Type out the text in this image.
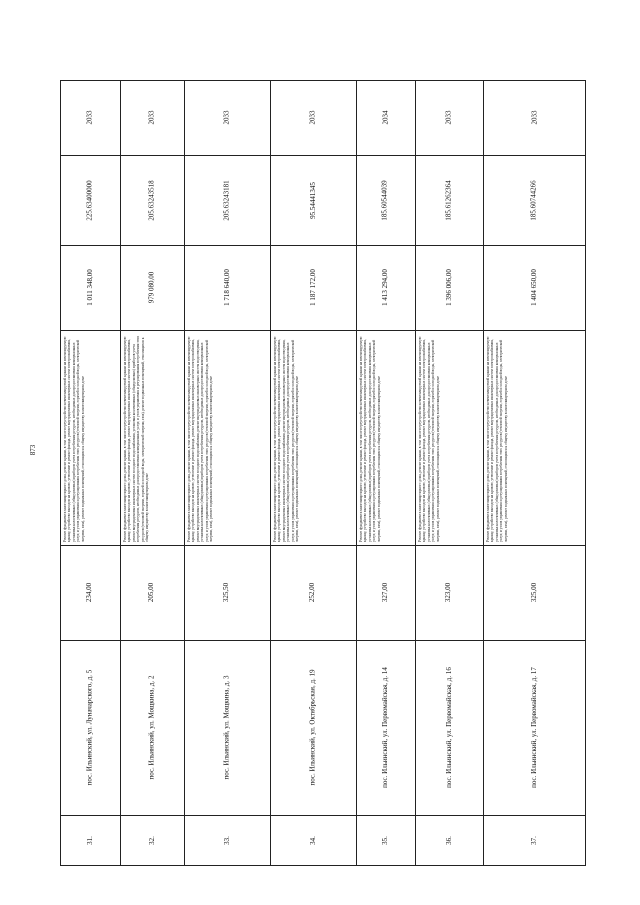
873
2033
225.63400000
1 011 348,00
Ремонт фундамента многоквартирного дома, ремонт крыши, в том числе переустройство невентилируемой крыши на вентилируемую крышу, устройство выходов на кровлю, утепление и ремонт фасада, ремонт внутридомовых инженерных систем электроснабжения, установка коллективных (общедомовых) приборов учета потребления ресурсов, необходимых для предоставления коммунальных услуг, и узлов управления и регулирования потребления этих ресурсов (тепловой энергии, горячей и холодной воды, электрической энергии, газа), ремонт подвальных помещений, относящихся к общему имуществу в многоквартирном доме
234,00
пос. Ильинский, ул. Луначарского, д. 5
31.
2033
205.63243518
979 080,00
Ремонт фундамента многоквартирного дома, ремонт крыши, в том числе переустройство невентилируемой крыши на вентилируемую крышу, устройство выходов на кровлю, утепление и ремонт фасада, ремонт внутридомовых инженерных систем электроснабжения, ремонт внутридомовых инженерных систем холодного водоснабжения, установка коллективных (общедомовых) приборов учета потребления ресурсов, необходимых для предоставления коммунальных услуг, и узлов управления и регулирования потребления этих ресурсов (тепловой энергии, горячей и холодной воды, электрической энергии, газа), ремонт подвальных помещений, относящихся к общему имуществу в многоквартирном доме
205,00
пос. Ильинский, ул. Мощкина, д. 2
32.
2033
205.63243181
1 718 640,00
Ремонт фундамента многоквартирного дома, ремонт крыши, в том числе переустройство невентилируемой крыши на вентилируемую крышу, устройство выходов на кровлю, утепление и ремонт фасада, ремонт внутридомовых инженерных систем электроснабжения, ремонт внутридомовых инженерных систем холодного водоснабжения, ремонт внутридомовых инженерных систем водоотведения, установка коллективных (общедомовых) приборов учета потребления ресурсов, необходимых для предоставления коммунальных услуг, и узлов управления и регулирования потребления этих ресурсов (тепловой энергии, горячей и холодной воды, электрической энергии, газа), ремонт подвальных помещений, относящихся к общему имуществу в многоквартирном доме
325,50
пос. Ильинский, ул. Мощкина, д. 3
33.
2033
95.54441345
1 187 172,00
Ремонт фундамента многоквартирного дома, ремонт крыши, в том числе переустройство невентилируемой крыши на вентилируемую крышу, устройство выходов на кровлю, утепление и ремонт фасада, ремонт внутридомовых инженерных систем электроснабжения, ремонт внутридомовых инженерных систем холодного водоснабжения, ремонт внутридомовых инженерных систем водоотведения, установка коллективных (общедомовых) приборов учета потребления ресурсов, необходимых для предоставления коммунальных услуг, и узлов управления и регулирования потребления этих ресурсов (тепловой энергии, горячей и холодной воды, электрической энергии, газа), ремонт подвальных помещений, относящихся к общему имуществу в многоквартирном доме
252,00
пос. Ильинский, ул. Октябрьская, д. 19
34.
2034
185.60544039
1 413 294,00
Ремонт фундамента многоквартирного дома, ремонт крыши, в том числе переустройство невентилируемой крыши на вентилируемую крышу, устройство выходов на кровлю, утепление и ремонт фасада, ремонт внутридомовых инженерных систем электроснабжения, установка коллективных (общедомовых) приборов учета потребления ресурсов, необходимых для предоставления коммунальных услуг, и узлов управления и регулирования потребления этих ресурсов (тепловой энергии, горячей и холодной воды, электрической энергии, газа), ремонт подвальных помещений, относящихся к общему имуществу в многоквартирном доме
327,00
пос. Ильинский, ул. Первомайская, д. 14
35.
2033
185.61262364
1 396 006,00
Ремонт фундамента многоквартирного дома, ремонт крыши, в том числе переустройство невентилируемой крыши на вентилируемую крышу, устройство выходов на кровлю, утепление и ремонт фасада, ремонт внутридомовых инженерных систем электроснабжения, установка коллективных (общедомовых) приборов учета потребления ресурсов, необходимых для предоставления коммунальных услуг, и узлов управления и регулирования потребления этих ресурсов (тепловой энергии, горячей и холодной воды, электрической энергии, газа), ремонт подвальных помещений, относящихся к общему имуществу в многоквартирном доме
323,00
пос. Ильинский, ул. Первомайская, д. 16
36.
2033
185.60744266
1 404 650,00
Ремонт фундамента многоквартирного дома, ремонт крыши, в том числе переустройство невентилируемой крыши на вентилируемую крышу, устройство выходов на кровлю, утепление и ремонт фасада, ремонт внутридомовых инженерных систем электроснабжения, установка коллективных (общедомовых) приборов учета потребления ресурсов, необходимых для предоставления коммунальных услуг, и узлов управления и регулирования потребления этих ресурсов (тепловой энергии, горячей и холодной воды, электрической энергии, газа), ремонт подвальных помещений, относящихся к общему имуществу в многоквартирном доме
325,00
пос. Ильинский, ул. Первомайская, д. 17
37.
